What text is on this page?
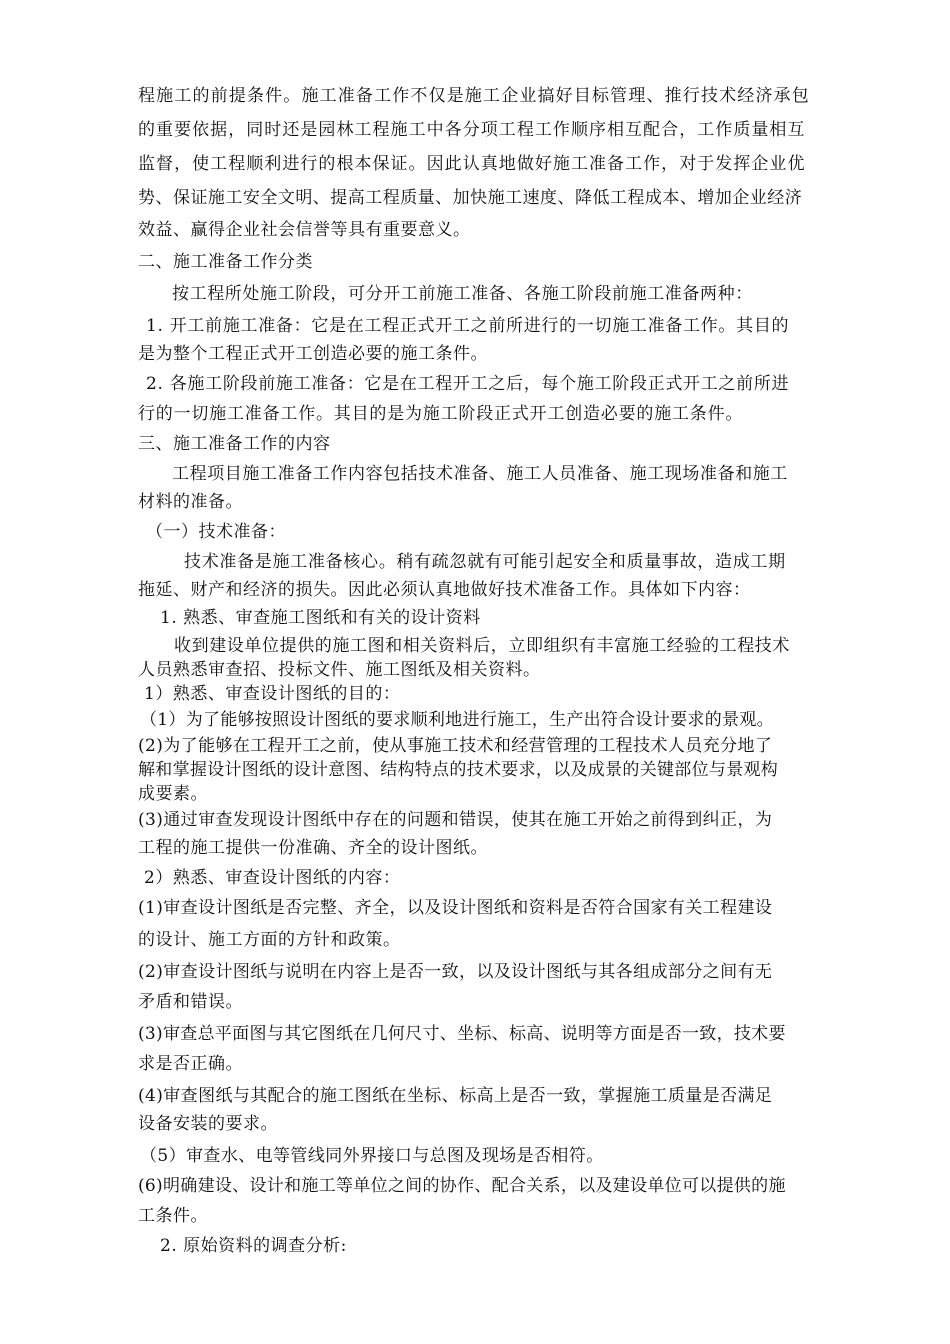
程施工的前提条件。施工准备工作不仅是施工企业搞好目标管理、推行技术经济承包
的重要依据，同时还是园林工程施工中各分项工程工作顺序相互配合，工作质量相互
监督，使工程顺利进行的根本保证。因此认真地做好施工准备工作，对于发挥企业优
势、保证施工安全文明、提高工程质量、加快施工速度、降低工程成本、增加企业经济
效益、赢得企业社会信誉等具有重要意义。
二、施工准备工作分类
按工程所处施工阶段，可分开工前施工准备、各施工阶段前施工准备两种：
1. 开工前施工准备：它是在工程正式开工之前所进行的一切施工准备工作。其目的
是为整个工程正式开工创造必要的施工条件。
2. 各施工阶段前施工准备：它是在工程开工之后，每个施工阶段正式开工之前所进
行的一切施工准备工作。其目的是为施工阶段正式开工创造必要的施工条件。
三、施工准备工作的内容
工程项目施工准备工作内容包括技术准备、施工人员准备、施工现场准备和施工
材料的准备。
（一）技术准备：
技术准备是施工准备核心。稍有疏忽就有可能引起安全和质量事故，造成工期
拖延、财产和经济的损失。因此必须认真地做好技术准备工作。具体如下内容：
1. 熟悉、审查施工图纸和有关的设计资料
收到建设单位提供的施工图和相关资料后，立即组织有丰富施工经验的工程技术
人员熟悉审查招、投标文件、施工图纸及相关资料。
1）熟悉、审查设计图纸的目的：
（1）为了能够按照设计图纸的要求顺利地进行施工，生产出符合设计要求的景观。
(2)为了能够在工程开工之前，使从事施工技术和经营管理的工程技术人员充分地了
解和掌握设计图纸的设计意图、结构特点的技术要求，以及成景的关键部位与景观构
成要素。
(3)通过审查发现设计图纸中存在的问题和错误，使其在施工开始之前得到纠正，为
工程的施工提供一份准确、齐全的设计图纸。
2）熟悉、审查设计图纸的内容：
(1)审查设计图纸是否完整、齐全，以及设计图纸和资料是否符合国家有关工程建设
的设计、施工方面的方针和政策。
(2)审查设计图纸与说明在内容上是否一致，以及设计图纸与其各组成部分之间有无
矛盾和错误。
(3)审查总平面图与其它图纸在几何尺寸、坐标、标高、说明等方面是否一致，技术要
求是否正确。
(4)审查图纸与其配合的施工图纸在坐标、标高上是否一致，掌握施工质量是否满足
设备安装的要求。
（5）审查水、电等管线同外界接口与总图及现场是否相符。
(6)明确建设、设计和施工等单位之间的协作、配合关系，以及建设单位可以提供的施
工条件。
2. 原始资料的调查分析:
